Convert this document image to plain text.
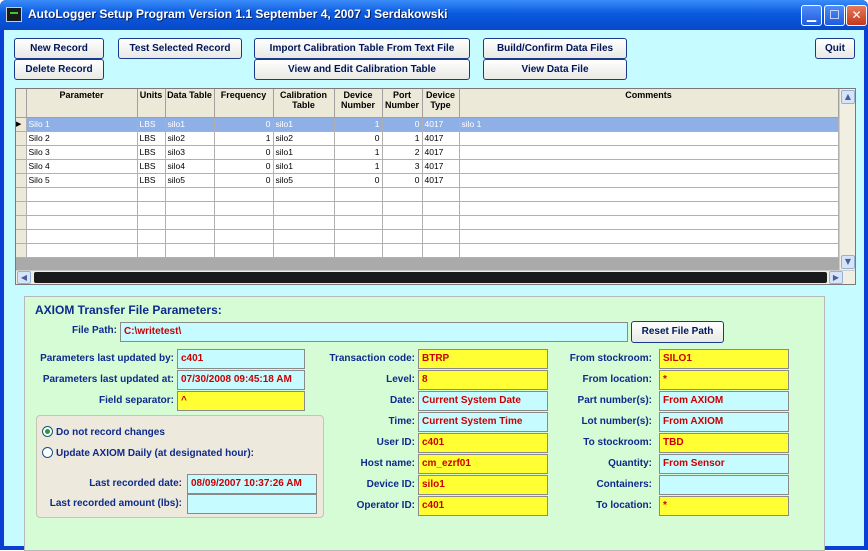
AutoLogger Setup Program Version 1.1 September 4, 2007 J Serdakowski	▁	☐ ✕
New Record
Delete Record
Test Selected Record	Import Calibration Table From Text File
View and Edit Calibration Table
Build/Confirm Data Files
View Data File
Quit
	Parameter	Units	Data Table	Frequency	Calibration Table	Device Number	Port Number	Device Type	Comments
▶	Silo 1	LBS	silo1	0	silo1	1	0	4017	silo 1
	Silo 2	LBS	silo2	1	silo2	0	1	4017	
	Silo 3	LBS	silo3	0	silo1	1	2	4017	
	Silo 4	LBS	silo4	0	silo1	1	3	4017	
	Silo 5	LBS	silo5	0	silo5	0	0	4017	

▲
▼
◀	▶
AXIOM Transfer File Parameters:
File Path: C:\writetest\	Reset File Path
Parameters last updated by: c401
Parameters last updated at: 07/30/2008 09:45:18 AM
Field separator: ^
Do not record changes
Update AXIOM Daily (at designated hour):
Last recorded date: 08/09/2007 10:37:26 AM
Last recorded amount (lbs):
Transaction code: BTRP
Level: 8
Date: Current System Date
Time: Current System Time
User ID: c401
Host name: cm_ezrf01
Device ID: silo1
Operator ID: c401
From stockroom:	SILO1
From location:	*
Part number(s):	From AXIOM
Lot number(s):	From AXIOM
To stockroom:	TBD
Quantity:	From Sensor
Containers:
To location:	*
